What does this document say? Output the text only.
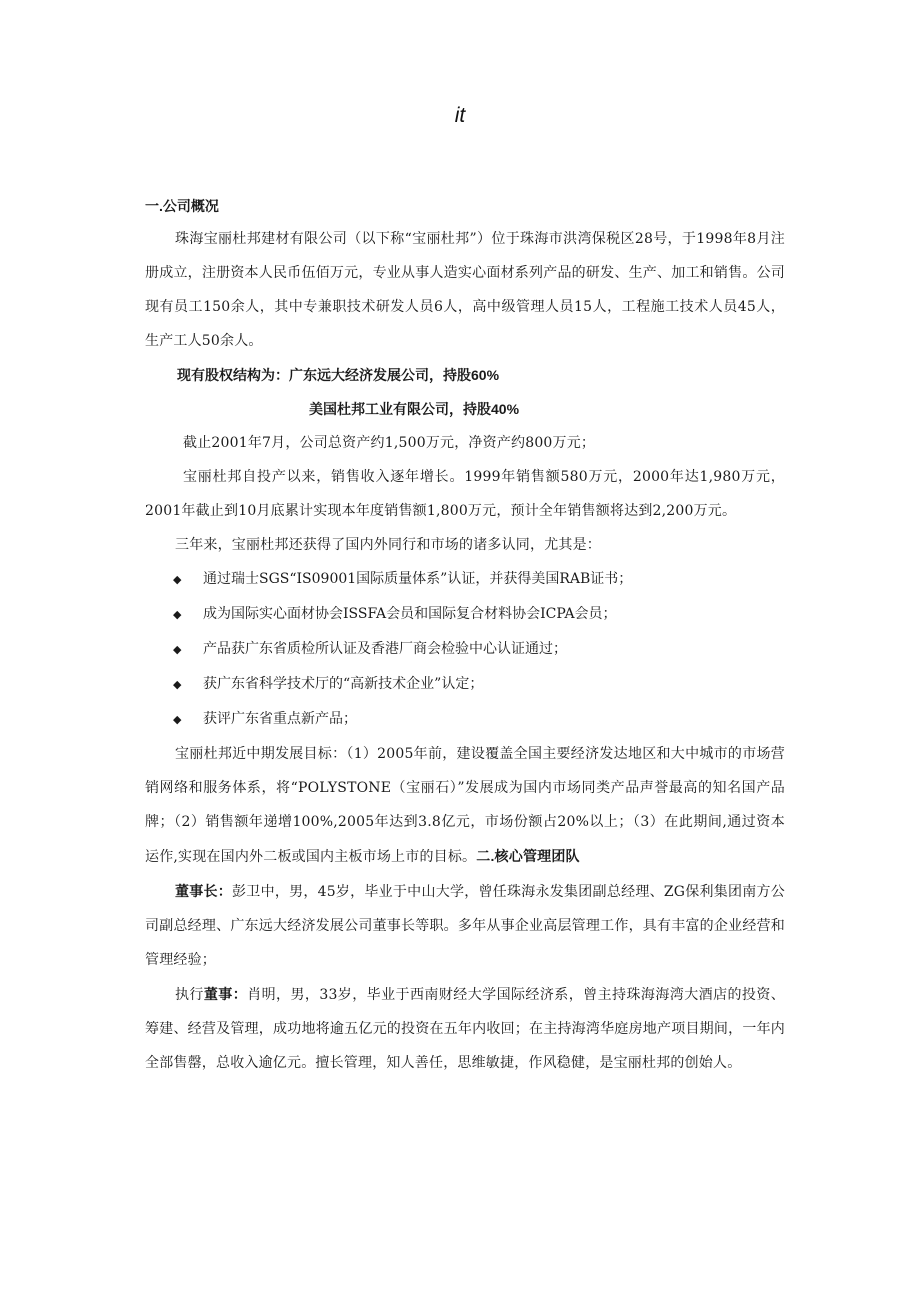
it
一.公司概况

珠海宝丽杜邦建材有限公司（以下称“宝丽杜邦”）位于珠海市洪湾保税区28号，于1998年8月注册成立，注册资本人民币伍佰万元，专业从事人造实心面材系列产品的研发、生产、加工和销售。公司现有员工150余人，其中专兼职技术研发人员6人，高中级管理人员15人，工程施工技术人员45人，生产工人50余人。

现有股权结构为：广东远大经济发展公司，持股60%
美国杜邦工业有限公司，持股40%

截止2001年7月，公司总资产约1,500万元，净资产约800万元；

宝丽杜邦自投产以来，销售收入逐年增长。1999年销售额580万元，2000年达1,980万元，2001年截止到10月底累计实现本年度销售额1,800万元，预计全年销售额将达到2,200万元。

三年来，宝丽杜邦还获得了国内外同行和市场的诸多认同，尤其是：

◆	通过瑞士SGS“IS09001国际质量体系”认证，并获得美国RAB证书；
◆	成为国际实心面材协会ISSFA会员和国际复合材料协会ICPA会员；
◆	产品获广东省质检所认证及香港厂商会检验中心认证通过；
◆	获广东省科学技术厅的“高新技术企业”认定；
◆	获评广东省重点新产品；

宝丽杜邦近中期发展目标：（1）2005年前，建设覆盖全国主要经济发达地区和大中城市的市场营销网络和服务体系，将“POLYSTONE（宝丽石）”发展成为国内市场同类产品声誉最高的知名国产品牌；（2）销售额年递增100%,2005年达到3.8亿元，市场份额占20%以上；（3）在此期间,通过资本运作,实现在国内外二板或国内主板市场上市的目标。二.核心管理团队

董事长：彭卫中，男，45岁，毕业于中山大学，曾任珠海永发集团副总经理、ZG保利集团南方公司副总经理、广东远大经济发展公司董事长等职。多年从事企业高层管理工作，具有丰富的企业经营和管理经验；

执行董事：肖明，男，33岁，毕业于西南财经大学国际经济系，曾主持珠海海湾大酒店的投资、筹建、经营及管理，成功地将逾五亿元的投资在五年内收回；在主持海湾华庭房地产项目期间，一年内全部售罄，总收入逾亿元。擅长管理，知人善任，思维敏捷，作风稳健，是宝丽杜邦的创始人。
